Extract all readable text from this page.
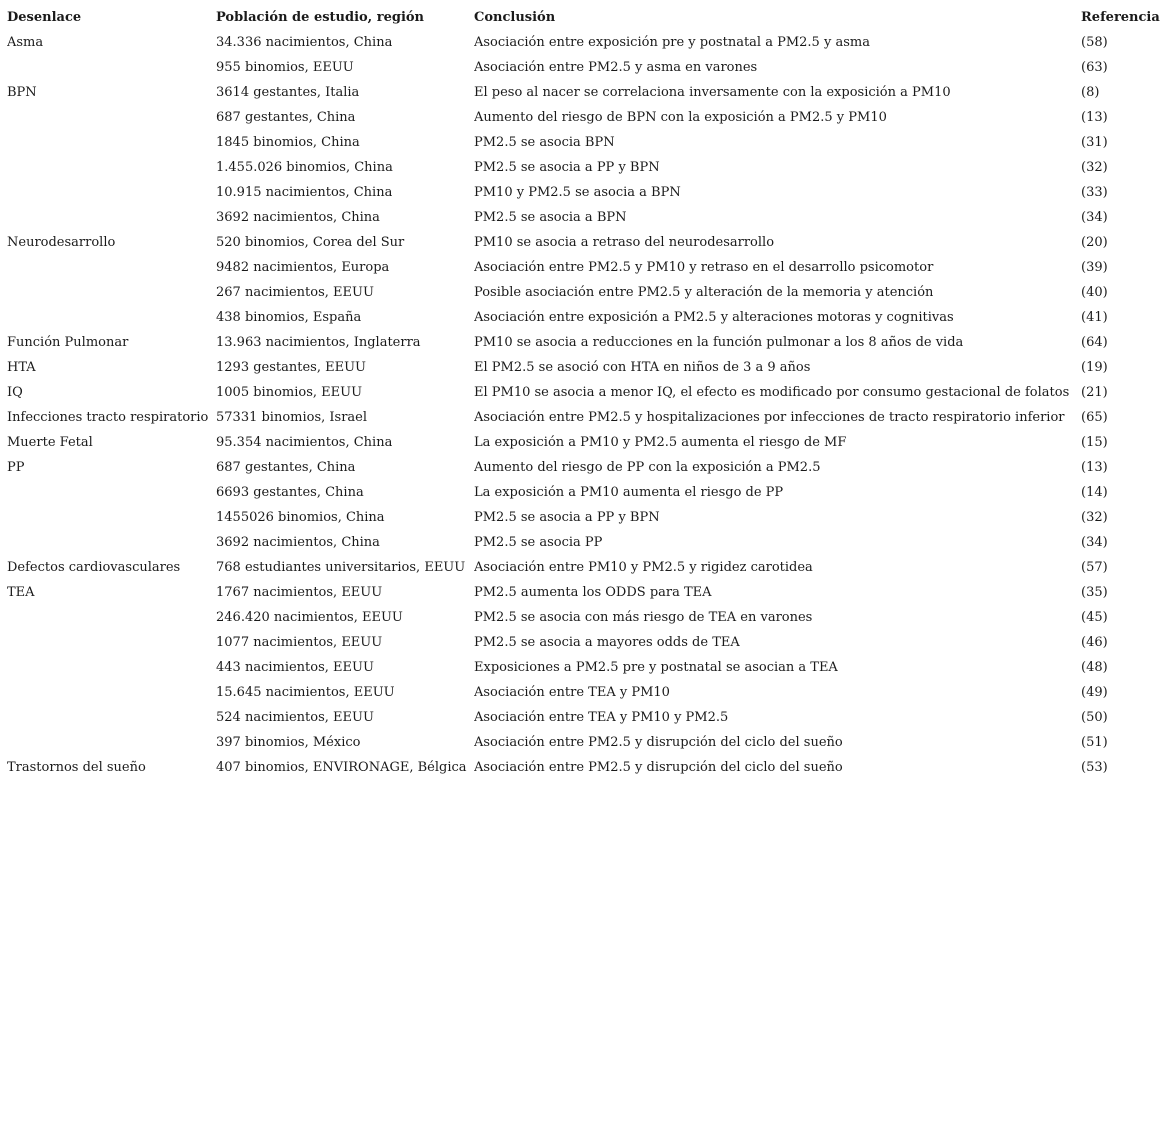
Desenlace	Población de estudio, región	Conclusión	Referencia
Asma	34.336 nacimientos, China	Asociación entre exposición pre y postnatal a PM2.5 y asma	(58)
	955 binomios, EEUU	Asociación entre PM2.5 y asma en varones	(63)
BPN	3614 gestantes, Italia	El peso al nacer se correlaciona inversamente con la exposición a PM10	(8)
	687 gestantes, China	Aumento del riesgo de BPN con la exposición a PM2.5 y PM10	(13)
	1845 binomios, China	PM2.5 se asocia BPN	(31)
	1.455.026 binomios, China	PM2.5 se asocia a PP y BPN	(32)
	10.915 nacimientos, China	PM10 y PM2.5 se asocia a BPN	(33)
	3692 nacimientos, China	PM2.5 se asocia a BPN	(34)
Neurodesarrollo	520 binomios, Corea del Sur	PM10 se asocia a retraso del neurodesarrollo	(20)
	9482 nacimientos, Europa	Asociación entre PM2.5 y PM10 y retraso en el desarrollo psicomotor	(39)
	267 nacimientos, EEUU	Posible asociación entre PM2.5 y alteración de la memoria y atención	(40)
	438 binomios, España	Asociación entre exposición a PM2.5 y alteraciones motoras y cognitivas	(41)
Función Pulmonar	13.963 nacimientos, Inglaterra	PM10 se asocia a reducciones en la función pulmonar a los 8 años de vida	(64)
HTA	1293 gestantes, EEUU	El PM2.5 se asoció con HTA en niños de 3 a 9 años	(19)
IQ	1005 binomios, EEUU	El PM10 se asocia a menor IQ, el efecto es modificado por consumo gestacional de folatos	(21)
Infecciones tracto respiratorio	57331 binomios, Israel	Asociación entre PM2.5 y hospitalizaciones por infecciones de tracto respiratorio inferior	(65)
Muerte Fetal	95.354 nacimientos, China	La exposición a PM10 y PM2.5 aumenta el riesgo de MF	(15)
PP	687 gestantes, China	Aumento del riesgo de PP con la exposición a PM2.5	(13)
	6693 gestantes, China	La exposición a PM10 aumenta el riesgo de PP	(14)
	1455026 binomios, China	PM2.5 se asocia a PP y BPN	(32)
	3692 nacimientos, China	PM2.5 se asocia PP	(34)
Defectos cardiovasculares	768 estudiantes universitarios, EEUU	Asociación entre PM10 y PM2.5 y rigidez carotidea	(57)
TEA	1767 nacimientos, EEUU	PM2.5 aumenta los ODDS para TEA	(35)
	246.420 nacimientos, EEUU	PM2.5 se asocia con más riesgo de TEA en varones	(45)
	1077 nacimientos, EEUU	PM2.5 se asocia a mayores odds de TEA	(46)
	443 nacimientos, EEUU	Exposiciones a PM2.5 pre y postnatal se asocian a TEA	(48)
	15.645 nacimientos, EEUU	Asociación entre TEA y PM10	(49)
	524 nacimientos, EEUU	Asociación entre TEA y PM10 y PM2.5	(50)
	397 binomios, México	Asociación entre PM2.5 y disrupción del ciclo del sueño	(51)
Trastornos del sueño	407 binomios, ENVIRONAGE, Bélgica	Asociación entre PM2.5 y disrupción del ciclo del sueño	(53)
